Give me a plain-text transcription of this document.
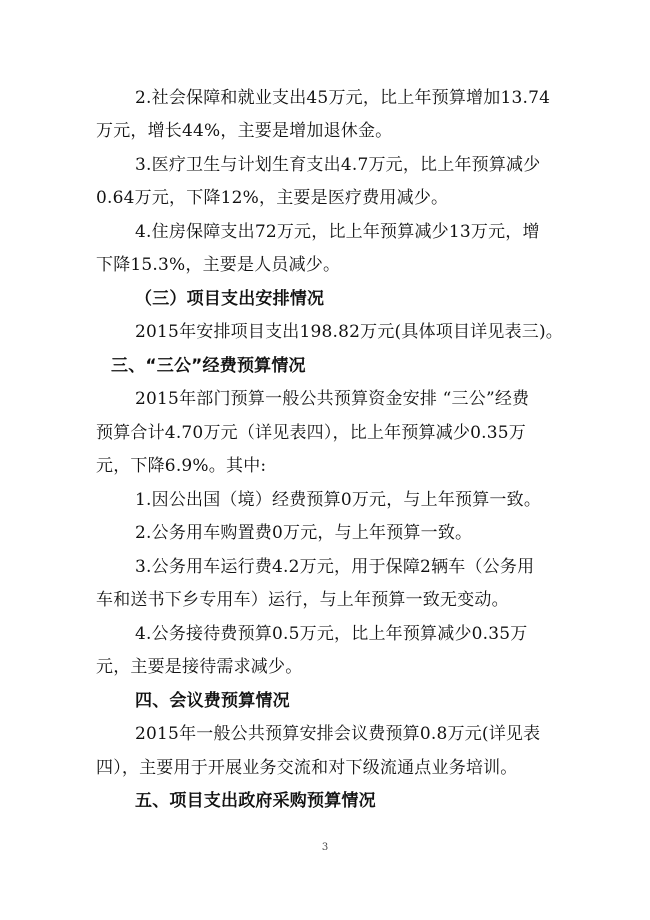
2.社会保障和就业支出45万元，比上年预算增加13.74
万元，增长44%，主要是增加退休金。
3.医疗卫生与计划生育支出4.7万元，比上年预算减少
0.64万元，下降12%，主要是医疗费用减少。
4.住房保障支出72万元，比上年预算减少13万元，增
下降15.3%，主要是人员减少。
（三）项目支出安排情况
2015年安排项目支出198.82万元(具体项目详见表三)。
三、“三公”经费预算情况
2015年部门预算一般公共预算资金安排 “三公”经费
预算合计4.70万元（详见表四），比上年预算减少0.35万
元，下降6.9%。其中:
1.因公出国（境）经费预算0万元，与上年预算一致。
2.公务用车购置费0万元，与上年预算一致。
3.公务用车运行费4.2万元，用于保障2辆车（公务用
车和送书下乡专用车）运行，与上年预算一致无变动。
4.公务接待费预算0.5万元，比上年预算减少0.35万
元，主要是接待需求减少。
四、会议费预算情况
2015年一般公共预算安排会议费预算0.8万元(详见表
四），主要用于开展业务交流和对下级流通点业务培训。
五、项目支出政府采购预算情况
3
